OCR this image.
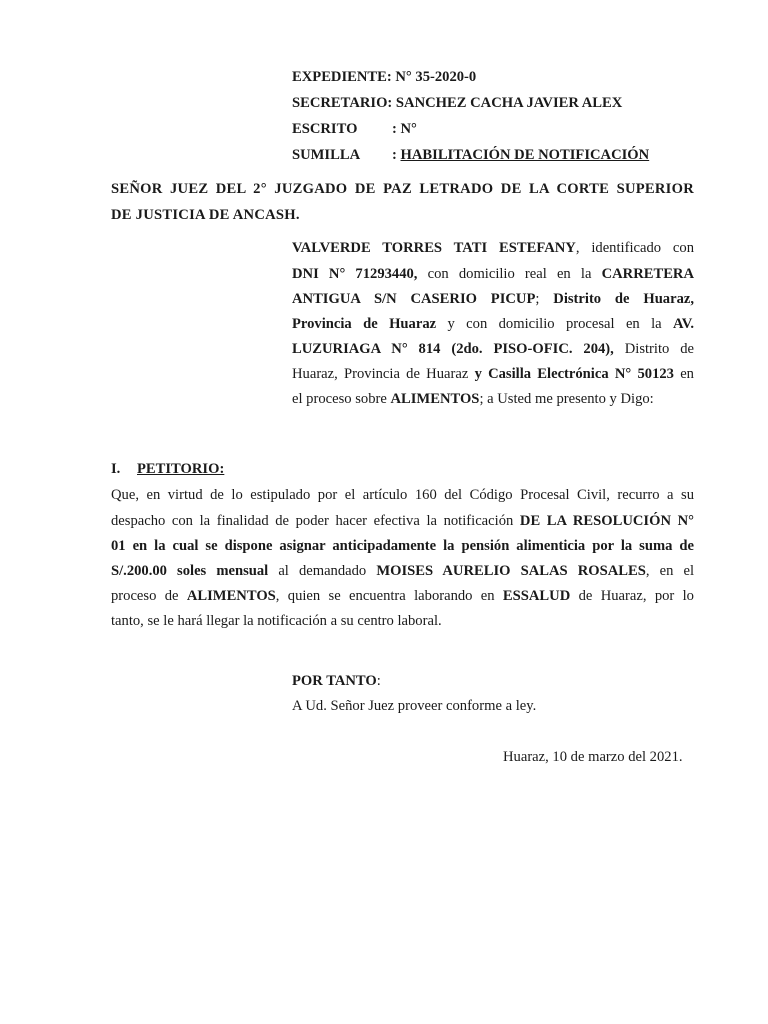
EXPEDIENTE: N° 35-2020-0
SECRETARIO: SANCHEZ CACHA JAVIER ALEX
ESCRITO : N°
SUMILLA : HABILITACIÓN DE NOTIFICACIÓN
SEÑOR JUEZ DEL 2° JUZGADO DE PAZ LETRADO DE LA CORTE SUPERIOR
DE JUSTICIA DE ANCASH.
VALVERDE TORRES TATI ESTEFANY, identificado con
DNI N° 71293440, con domicilio real en la CARRETERA
ANTIGUA S/N CASERIO PICUP; Distrito de Huaraz,
Provincia de Huaraz y con domicilio procesal en la AV.
LUZURIAGA N° 814 (2do. PISO-OFIC. 204), Distrito de
Huaraz, Provincia de Huaraz y Casilla Electrónica N° 50123 en
el proceso sobre ALIMENTOS; a Usted me presento y Digo:
I. PETITORIO:
Que, en virtud de lo estipulado por el artículo 160 del Código Procesal Civil, recurro a su
despacho con la finalidad de poder hacer efectiva la notificación DE LA RESOLUCIÓN N°
01 en la cual se dispone asignar anticipadamente la pensión alimenticia por la suma de
S/.200.00 soles mensual al demandado MOISES AURELIO SALAS ROSALES, en el
proceso de ALIMENTOS, quien se encuentra laborando en ESSALUD de Huaraz, por lo
tanto, se le hará llegar la notificación a su centro laboral.
POR TANTO:
A Ud. Señor Juez proveer conforme a ley.
Huaraz, 10 de marzo del 2021.
